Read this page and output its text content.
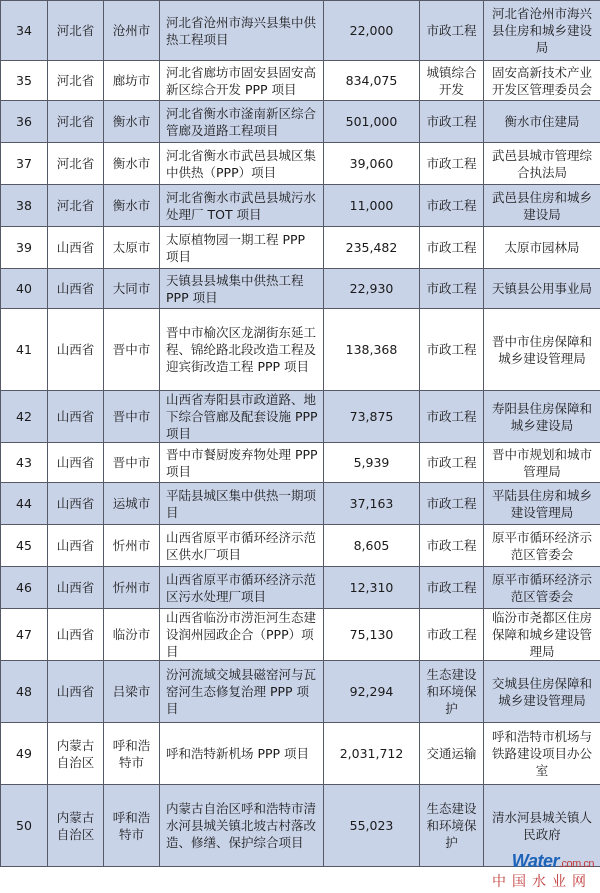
34	河北省	沧州市	河北省沧州市海兴县集中供热工程项目	22,000	市政工程	河北省沧州市海兴县住房和城乡建设局
35	河北省	廊坊市	河北省廊坊市固安县固安高新区综合开发 PPP 项目	834,075	城镇综合开发	固安高新技术产业开发区管理委员会
36	河北省	衡水市	河北省衡水市滏南新区综合管廊及道路工程项目	501,000	市政工程	衡水市住建局
37	河北省	衡水市	河北省衡水市武邑县城区集中供热（PPP）项目	39,060	市政工程	武邑县城市管理综合执法局
38	河北省	衡水市	河北省衡水市武邑县城污水处理厂 TOT 项目	11,000	市政工程	武邑县住房和城乡建设局
39	山西省	太原市	太原植物园一期工程 PPP 项目	235,482	市政工程	太原市园林局
40	山西省	大同市	天镇县县城集中供热工程 PPP 项目	22,930	市政工程	天镇县公用事业局
41	山西省	晋中市	晋中市榆次区龙湖街东延工程、锦纶路北段改造工程及迎宾街改造工程 PPP 项目	138,368	市政工程	晋中市住房保障和城乡建设管理局
42	山西省	晋中市	山西省寿阳县市政道路、地下综合管廊及配套设施 PPP 项目	73,875	市政工程	寿阳县住房保障和城乡建设局
43	山西省	晋中市	晋中市餐厨废弃物处理 PPP 项目	5,939	市政工程	晋中市规划和城市管理局
44	山西省	运城市	平陆县城区集中供热一期项目	37,163	市政工程	平陆县住房和城乡建设管理局
45	山西省	忻州市	山西省原平市循环经济示范区供水厂项目	8,605	市政工程	原平市循环经济示范区管委会
46	山西省	忻州市	山西省原平市循环经济示范区污水处理厂项目	12,310	市政工程	原平市循环经济示范区管委会
47	山西省	临汾市	山西省临汾市涝洰河生态建设润州园政企合（PPP）项目	75,130	市政工程	临汾市尧都区住房保障和城乡建设管理局
48	山西省	吕梁市	汾河流域交城县磁窑河与瓦窑河生态修复治理 PPP 项目	92,294	生态建设和环境保护	交城县住房保障和城乡建设管理局
49	内蒙古自治区	呼和浩特市	呼和浩特新机场 PPP 项目	2,031,712	交通运输	呼和浩特市机场与铁路建设项目办公室
50	内蒙古自治区	呼和浩特市	内蒙古自治区呼和浩特市清水河县城关镇北坡古村落改造、修缮、保护综合项目	55,023	生态建设和环境保护	清水河县城关镇人民政府
Water.com.cn
中国水业网
